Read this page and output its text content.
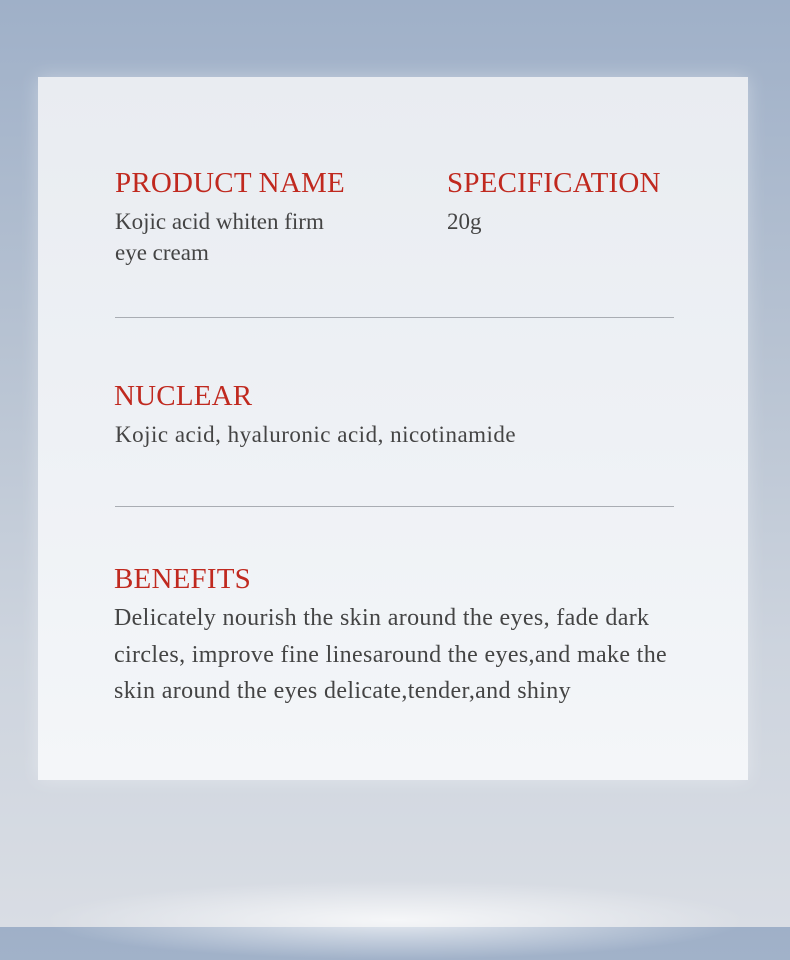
PRODUCT NAME
Kojic acid whiten firm eye cream
SPECIFICATION
20g
NUCLEAR
Kojic acid, hyaluronic acid, nicotinamide
BENEFITS
Delicately nourish the skin around the eyes, fade dark circles, improve fine linesaround the eyes,and make the skin around the eyes delicate,tender,and shiny
